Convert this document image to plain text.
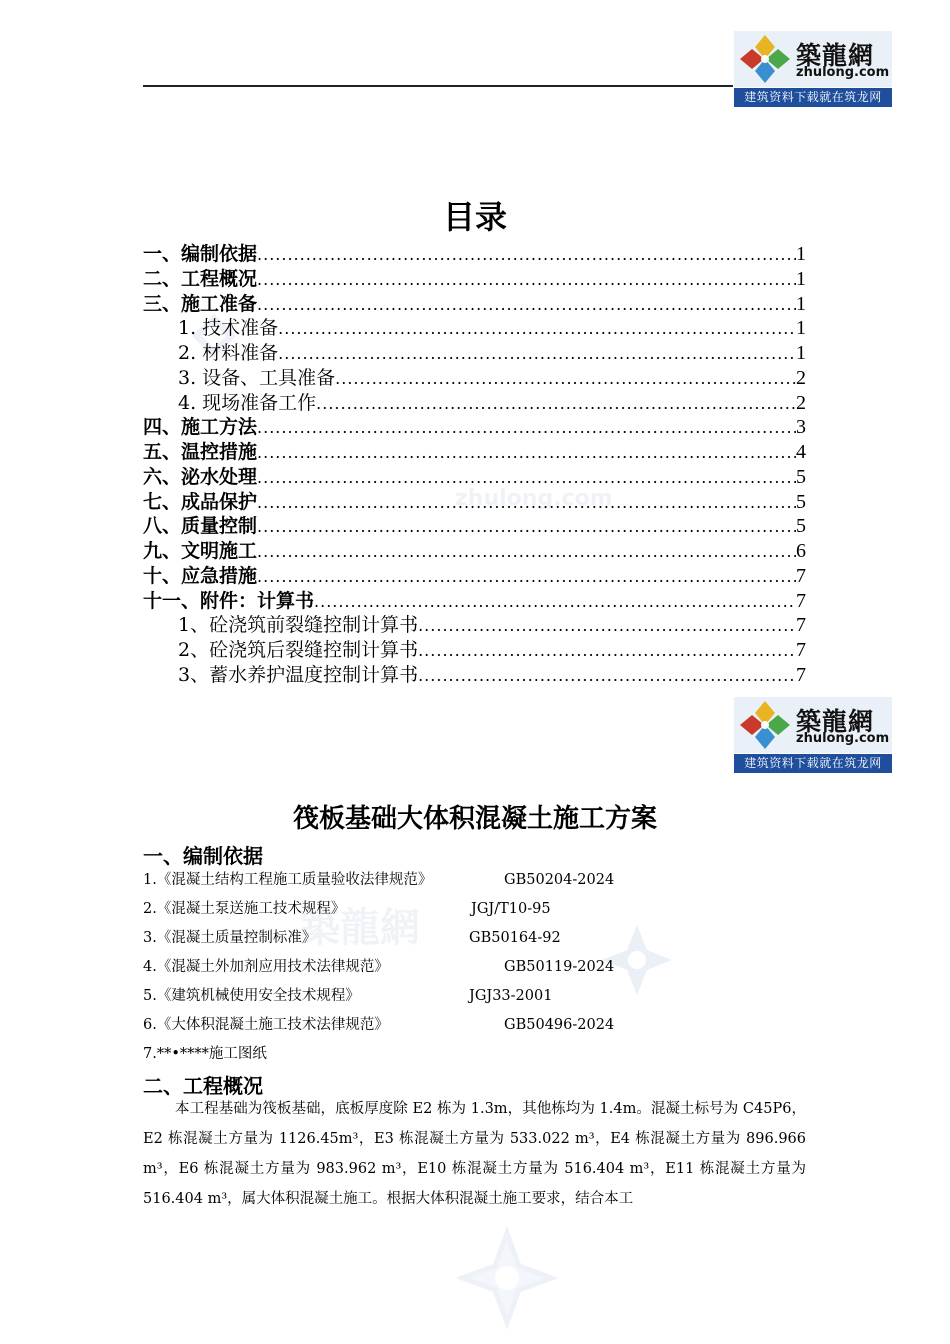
zhulong.com
築龍網
築龍網
zhulong.com
建筑资料下载就在筑龙网
目录
一、编制依据 .....	1
二、工程概况 .....	1
三、施工准备 .....	1
1. 技术准备 .....	1
2. 材料准备 .....	1
3. 设备、工具准备 .....	2
4. 现场准备工作 .....	2
四、施工方法 .....	3
五、温控措施 .....	4
六、泌水处理 .....	5
七、成品保护 .....	5
八、质量控制 .....	5
九、文明施工 .....	6
十、应急措施 .....	7
十一、附件：计算书 .....	7
1、砼浇筑前裂缝控制计算书 .....	7
2、砼浇筑后裂缝控制计算书 .....	7
3、蓄水养护温度控制计算书 .....	7
築龍網
zhulong.com
建筑资料下载就在筑龙网
筏板基础大体积混凝土施工方案
一、编制依据
1.《混凝土结构工程施工质量验收法律规范》	GB50204-2024
2.《混凝土泵送施工技术规程》	JGJ/T10-95
3.《混凝土质量控制标准》	GB50164-92
4.《混凝土外加剂应用技术法律规范》	GB50119-2024
5.《建筑机械使用安全技术规程》	JGJ33-2001
6.《大体积混凝土施工技术法律规范》	GB50496-2024
7.**•****施工图纸
二、工程概况
本工程基础为筏板基础，底板厚度除 E2 栋为 1.3m，其他栋均为 1.4m。混凝土标号为 C45P6，E2 栋混凝土方量为 1126.45m³，E3 栋混凝土方量为 533.022 m³，E4 栋混凝土方量为 896.966 m³，E6 栋混凝土方量为 983.962 m³，E10 栋混凝土方量为 516.404 m³，E11 栋混凝土方量为 516.404 m³，属大体积混凝土施工。根据大体积混凝土施工要求，结合本工
